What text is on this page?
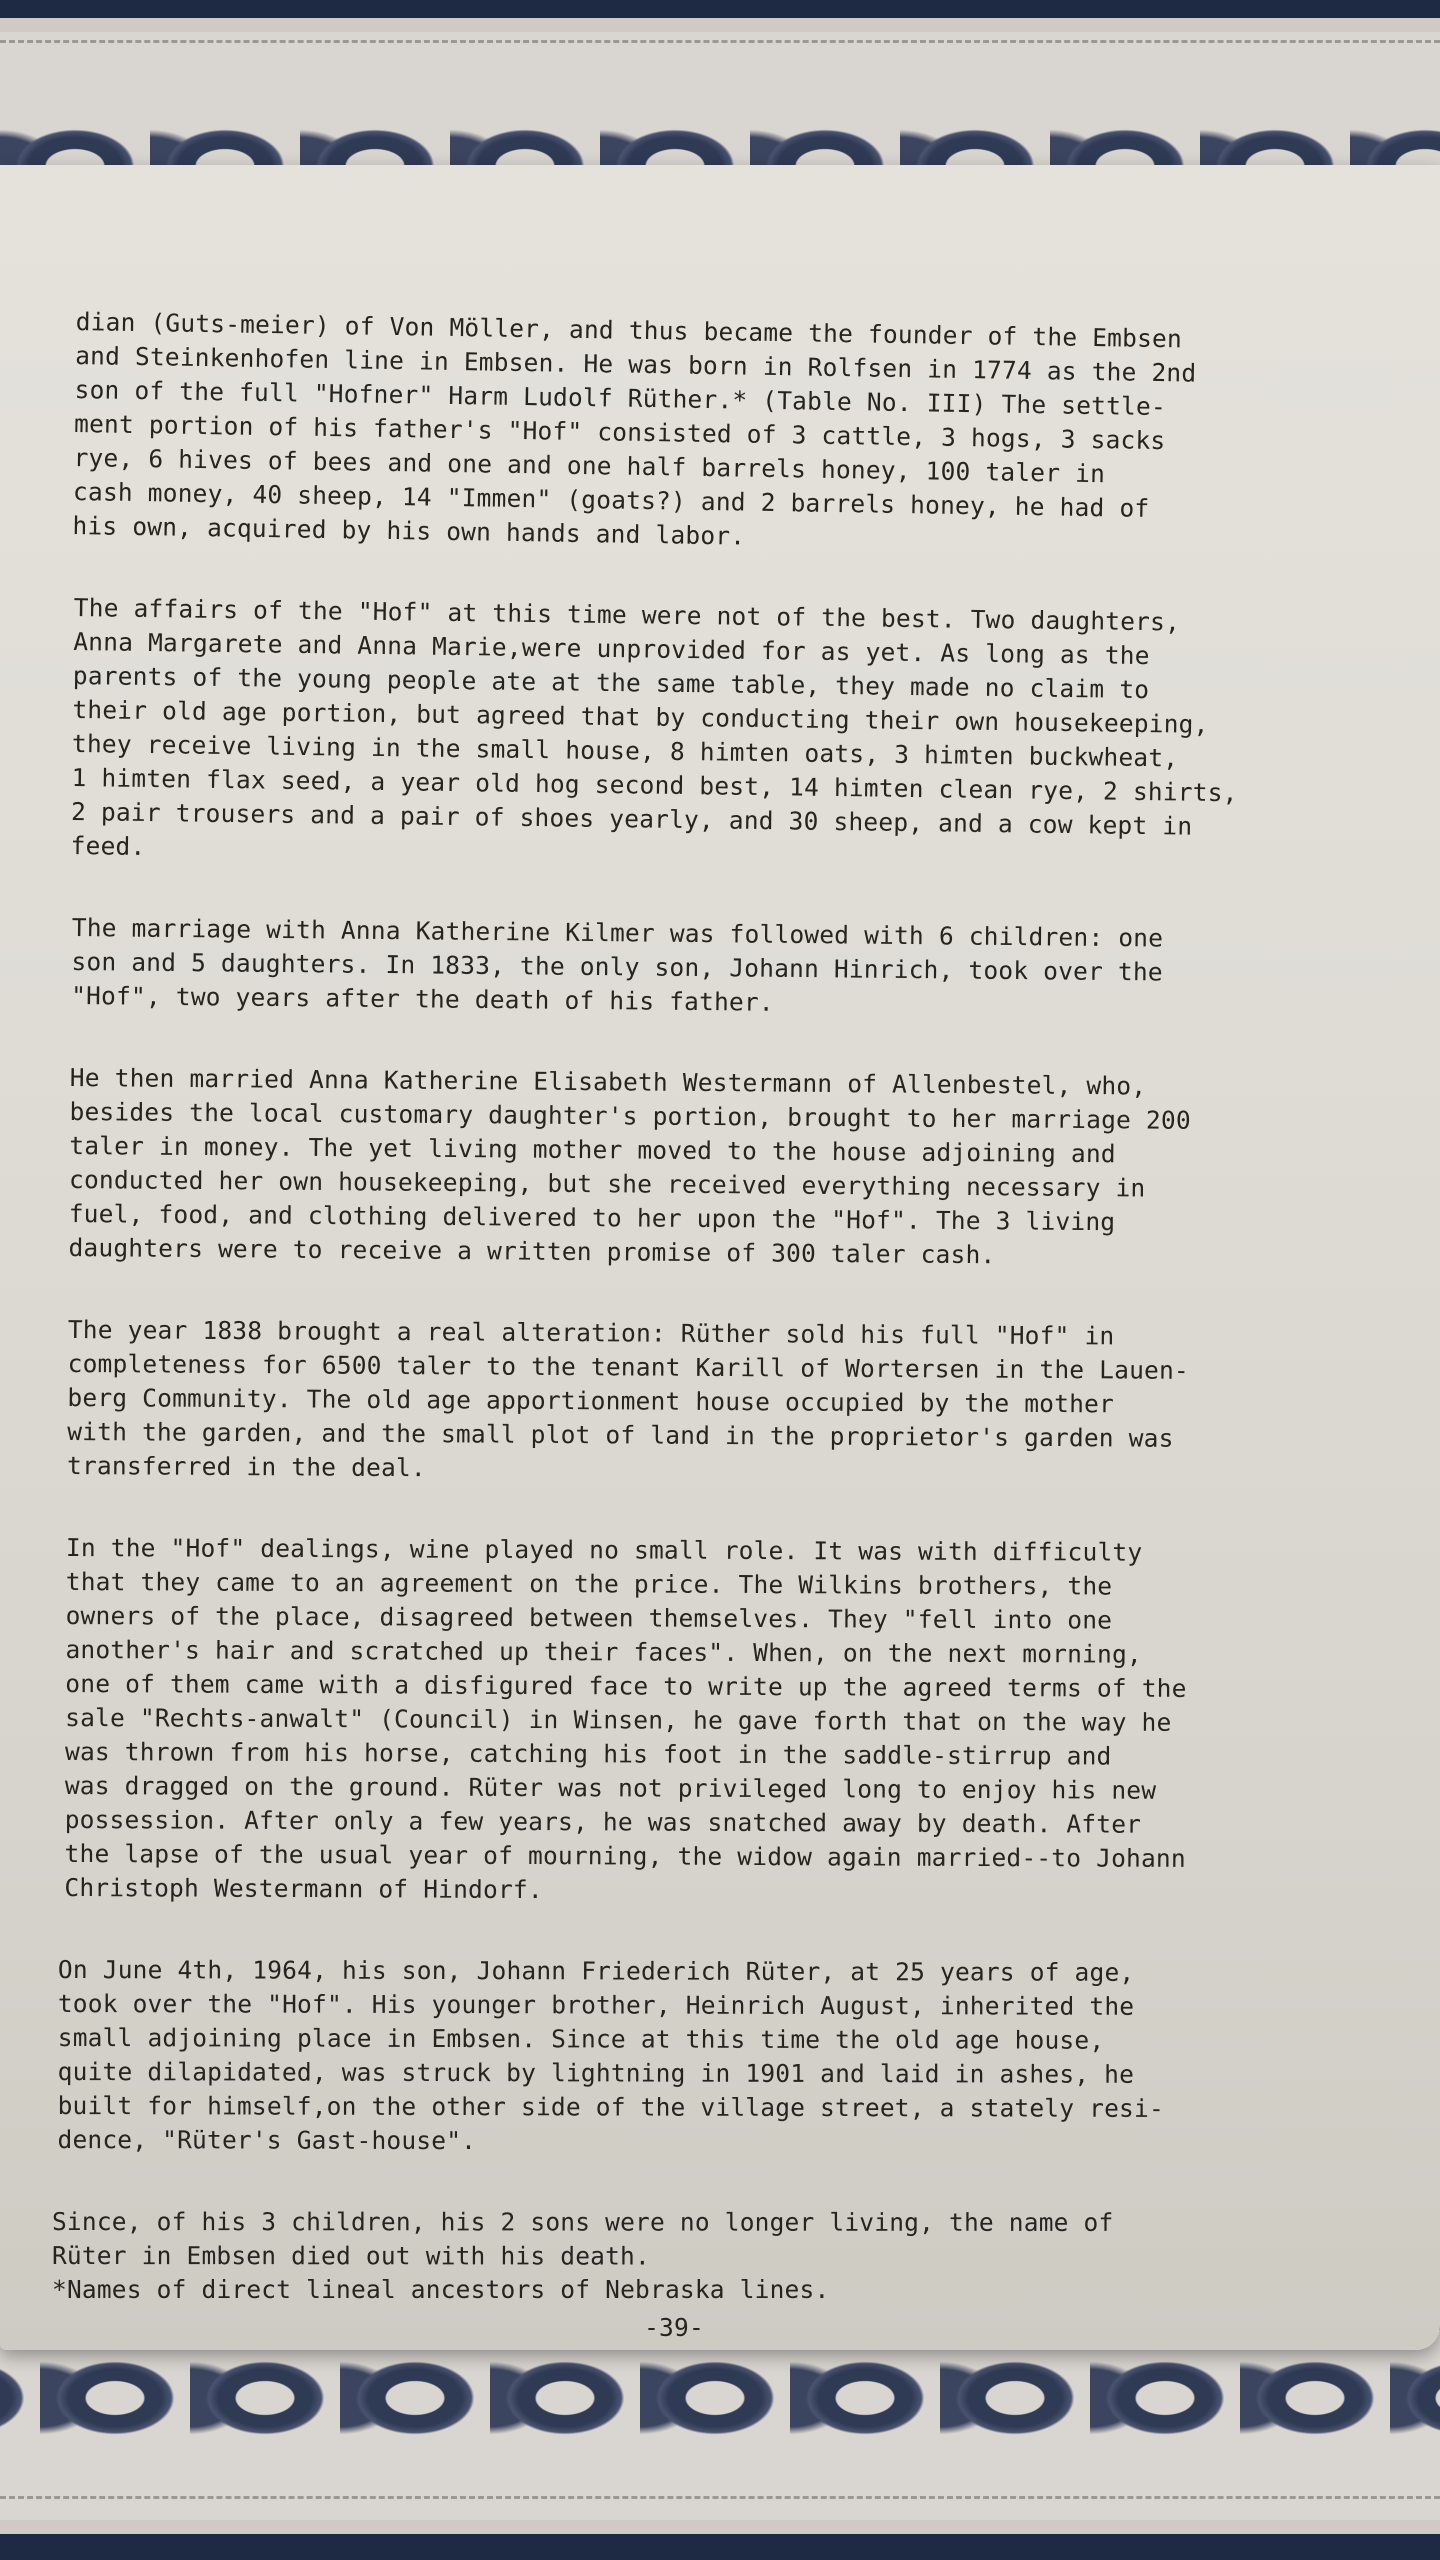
dian (Guts-meier) of Von Möller, and thus became the founder of the Embsen
and Steinkenhofen line in Embsen. He was born in Rolfsen in 1774 as the 2nd
son of the full "Hofner" Harm Ludolf Rüther.* (Table No. III) The settle-
ment portion of his father's "Hof" consisted of 3 cattle, 3 hogs, 3 sacks
rye, 6 hives of bees and one and one half barrels honey, 100 taler in
cash money, 40 sheep, 14 "Immen" (goats?) and 2 barrels honey, he had of
his own, acquired by his own hands and labor.

The affairs of the "Hof" at this time were not of the best. Two daughters,
Anna Margarete and Anna Marie,were unprovided for as yet. As long as the
parents of the young people ate at the same table, they made no claim to
their old age portion, but agreed that by conducting their own housekeeping,
they receive living in the small house, 8 himten oats, 3 himten buckwheat,
1 himten flax seed, a year old hog second best, 14 himten clean rye, 2 shirts,
2 pair trousers and a pair of shoes yearly, and 30 sheep, and a cow kept in
feed.

The marriage with Anna Katherine Kilmer was followed with 6 children: one
son and 5 daughters. In 1833, the only son, Johann Hinrich, took over the
"Hof", two years after the death of his father.

He then married Anna Katherine Elisabeth Westermann of Allenbestel, who,
besides the local customary daughter's portion, brought to her marriage 200
taler in money. The yet living mother moved to the house adjoining and
conducted her own housekeeping, but she received everything necessary in
fuel, food, and clothing delivered to her upon the "Hof". The 3 living
daughters were to receive a written promise of 300 taler cash.

The year 1838 brought a real alteration: Rüther sold his full "Hof" in
completeness for 6500 taler to the tenant Karill of Wortersen in the Lauen-
berg Community. The old age apportionment house occupied by the mother
with the garden, and the small plot of land in the proprietor's garden was
transferred in the deal.

In the "Hof" dealings, wine played no small role. It was with difficulty
that they came to an agreement on the price. The Wilkins brothers, the
owners of the place, disagreed between themselves. They "fell into one
another's hair and scratched up their faces". When, on the next morning,
one of them came with a disfigured face to write up the agreed terms of the
sale "Rechts-anwalt" (Council) in Winsen, he gave forth that on the way he
was thrown from his horse, catching his foot in the saddle-stirrup and
was dragged on the ground. Rüter was not privileged long to enjoy his new
possession. After only a few years, he was snatched away by death. After
the lapse of the usual year of mourning, the widow again married--to Johann
Christoph Westermann of Hindorf.

On June 4th, 1964, his son, Johann Friederich Rüter, at 25 years of age,
took over the "Hof". His younger brother, Heinrich August, inherited the
small adjoining place in Embsen. Since at this time the old age house,
quite dilapidated, was struck by lightning in 1901 and laid in ashes, he
built for himself,on the other side of the village street, a stately resi-
dence, "Rüter's Gast-house".

Since, of his 3 children, his 2 sons were no longer living, the name of
Rüter in Embsen died out with his death.

*Names of direct lineal ancestors of Nebraska lines.
-39-
